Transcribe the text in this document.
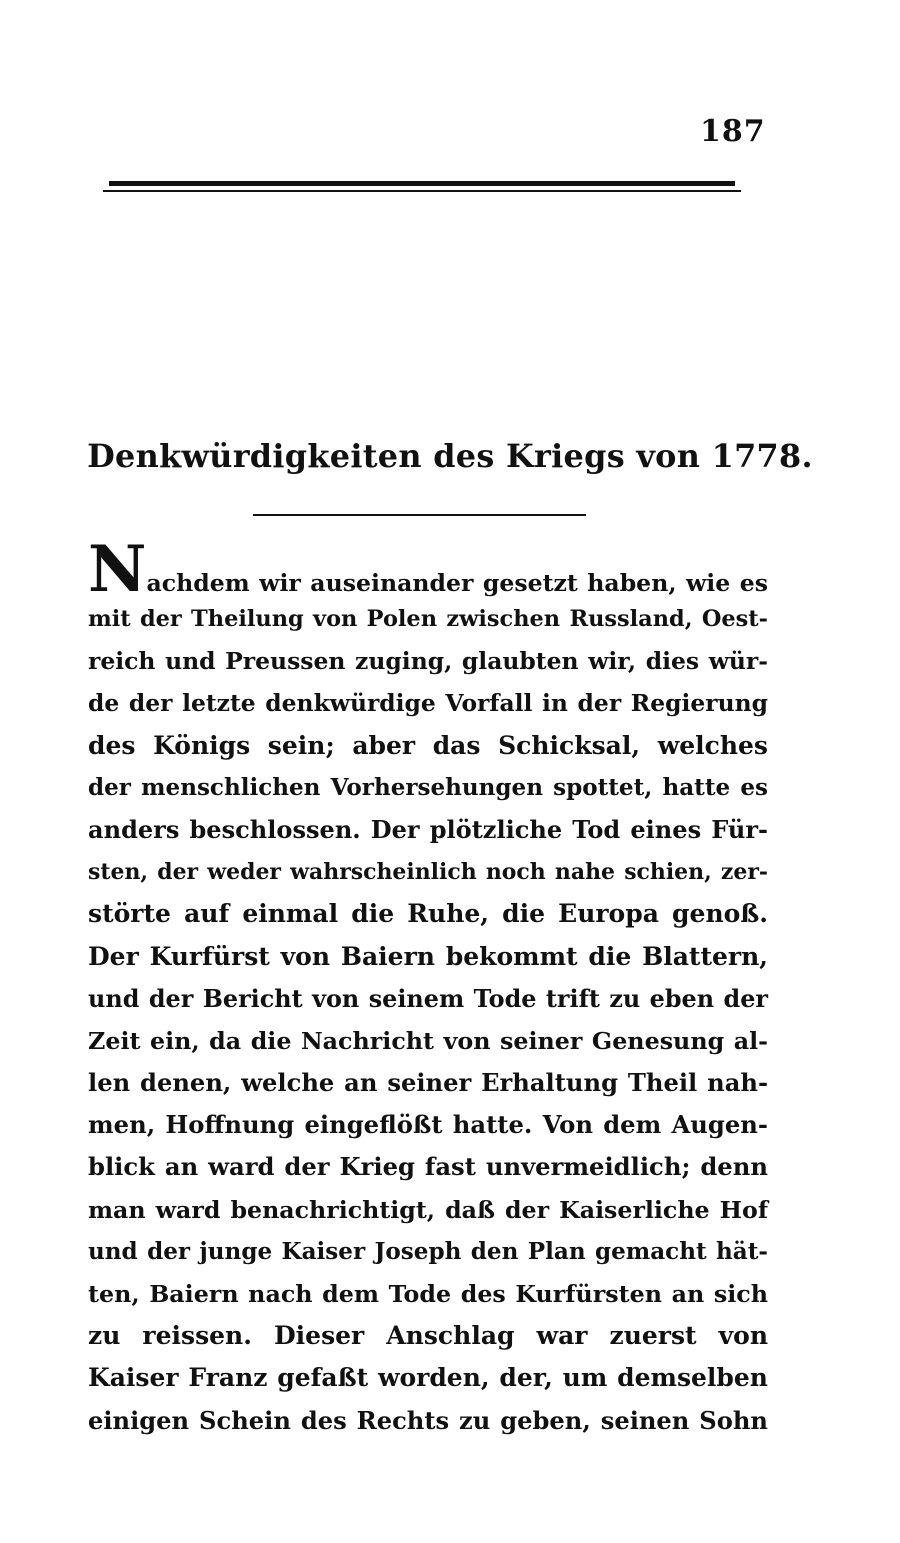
187
Denkwürdigkeiten des Kriegs von 1778.
Nachdem wir auseinander gesetzt haben, wie es
mit der Theilung von Polen zwischen Russland, Oest-
reich und Preussen zuging, glaubten wir, dies wür-
de der letzte denkwürdige Vorfall in der Regierung
des Königs sein; aber das Schicksal, welches
der menschlichen Vorhersehungen spottet, hatte es
anders beschlossen. Der plötzliche Tod eines Für-
sten, der weder wahrscheinlich noch nahe schien, zer-
störte auf einmal die Ruhe, die Europa genoß.
Der Kurfürst von Baiern bekommt die Blattern,
und der Bericht von seinem Tode trift zu eben der
Zeit ein, da die Nachricht von seiner Genesung al-
len denen, welche an seiner Erhaltung Theil nah-
men, Hoffnung eingeflößt hatte. Von dem Augen-
blick an ward der Krieg fast unvermeidlich; denn
man ward benachrichtigt, daß der Kaiserliche Hof
und der junge Kaiser Joseph den Plan gemacht hät-
ten, Baiern nach dem Tode des Kurfürsten an sich
zu reissen. Dieser Anschlag war zuerst von
Kaiser Franz gefaßt worden, der, um demselben
einigen Schein des Rechts zu geben, seinen Sohn
